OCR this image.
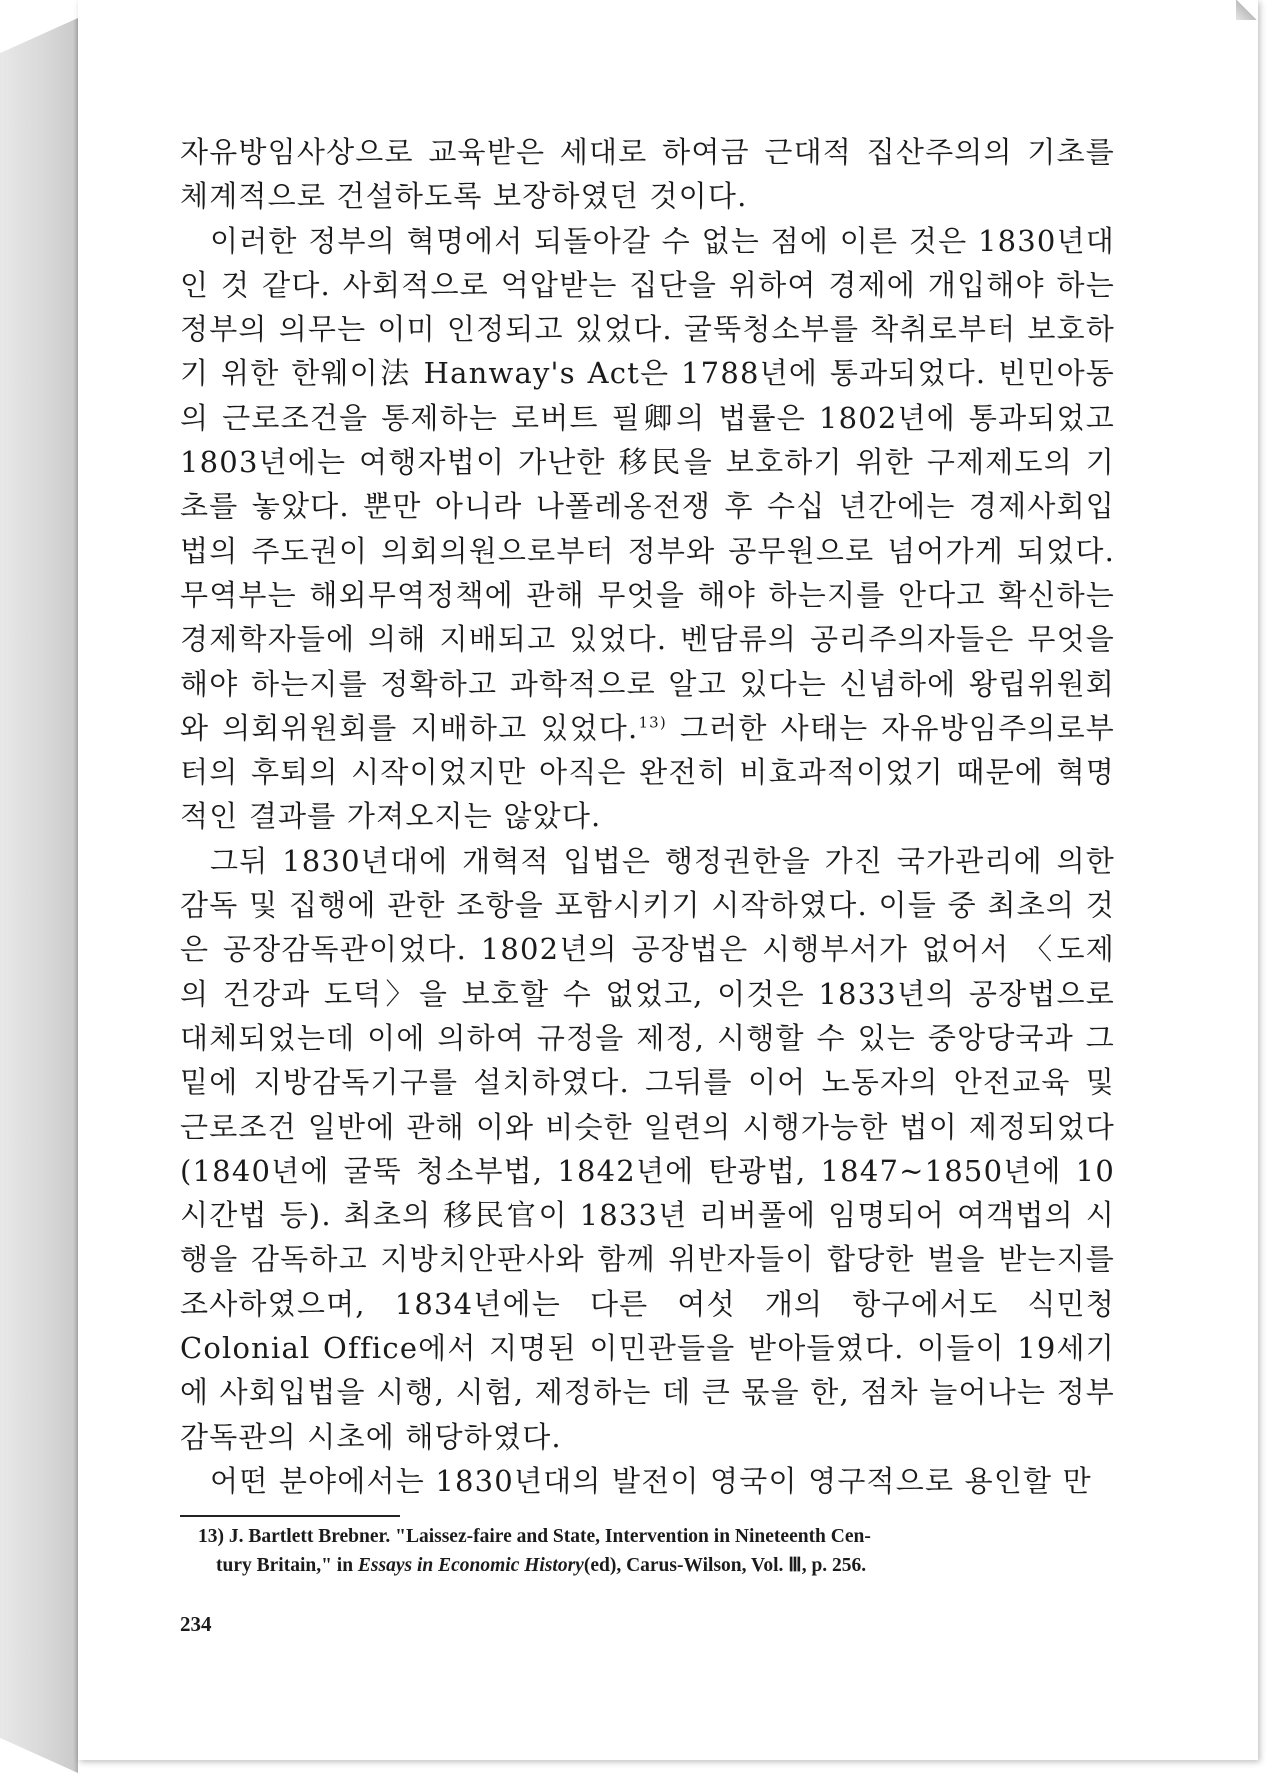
자유방임사상으로 교육받은 세대로 하여금 근대적 집산주의의 기초를 체계적으로 건설하도록 보장하였던 것이다.

이러한 정부의 혁명에서 되돌아갈 수 없는 점에 이른 것은 1830년대인 것 같다. 사회적으로 억압받는 집단을 위하여 경제에 개입해야 하는 정부의 의무는 이미 인정되고 있었다. 굴뚝청소부를 착취로부터 보호하기 위한 한웨이法 Hanway's Act은 1788년에 통과되었다. 빈민아동의 근로조건을 통제하는 로버트 필卿의 법률은 1802년에 통과되었고 1803년에는 여행자법이 가난한 移民을 보호하기 위한 구제제도의 기초를 놓았다. 뿐만 아니라 나폴레옹전쟁 후 수십 년간에는 경제사회입법의 주도권이 의회의원으로부터 정부와 공무원으로 넘어가게 되었다. 무역부는 해외무역정책에 관해 무엇을 해야 하는지를 안다고 확신하는 경제학자들에 의해 지배되고 있었다. 벤담류의 공리주의자들은 무엇을 해야 하는지를 정확하고 과학적으로 알고 있다는 신념하에 왕립위원회와 의회위원회를 지배하고 있었다.$^{13)}$ 그러한 사태는 자유방임주의로부터의 후퇴의 시작이었지만 아직은 완전히 비효과적이었기 때문에 혁명적인 결과를 가져오지는 않았다.

그뒤 1830년대에 개혁적 입법은 행정권한을 가진 국가관리에 의한 감독 및 집행에 관한 조항을 포함시키기 시작하였다. 이들 중 최초의 것은 공장감독관이었다. 1802년의 공장법은 시행부서가 없어서 〈도제의 건강과 도덕〉을 보호할 수 없었고, 이것은 1833년의 공장법으로 대체되었는데 이에 의하여 규정을 제정, 시행할 수 있는 중앙당국과 그 밑에 지방감독기구를 설치하였다. 그뒤를 이어 노동자의 안전교육 및 근로조건 일반에 관해 이와 비슷한 일련의 시행가능한 법이 제정되었다(1840년에 굴뚝 청소부법, 1842년에 탄광법, 1847~1850년에 10시간법 등). 최초의 移民官이 1833년 리버풀에 임명되어 여객법의 시행을 감독하고 지방치안판사와 함께 위반자들이 합당한 벌을 받는지를 조사하였으며, 1834년에는 다른 여섯 개의 항구에서도 식민청 Colonial Office에서 지명된 이민관들을 받아들였다. 이들이 19세기에 사회입법을 시행, 시험, 제정하는 데 큰 몫을 한, 점차 늘어나는 정부감독관의 시초에 해당하였다.

어떤 분야에서는 1830년대의 발전이 영국이 영구적으로 용인할 만

13) J. Bartlett Brebner. "Laissez-faire and State, Intervention in Nineteenth Cen-
tury Britain," in Essays in Economic History(ed), Carus-Wilson, Vol. Ⅲ, p. 256.
234
